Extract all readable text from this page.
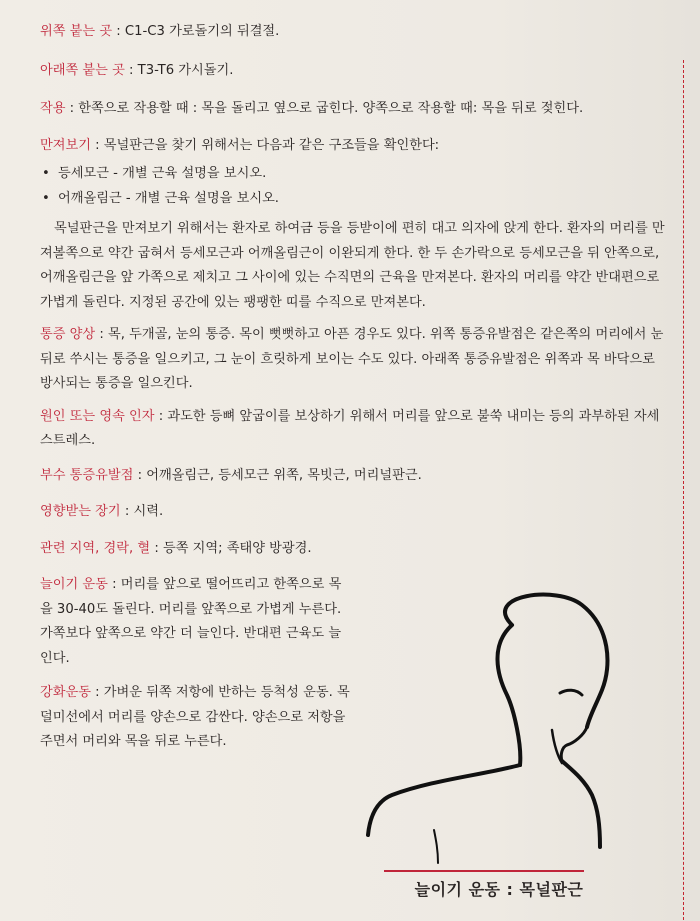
위쪽 붙는 곳 : C1-C3 가로돌기의 뒤결절.

아래쪽 붙는 곳 : T3-T6 가시돌기.

작용 : 한쪽으로 작용할 때 : 목을 돌리고 옆으로 굽힌다. 양쪽으로 작용할 때: 목을 뒤로 젖힌다.

만져보기 : 목널판근을 찾기 위해서는 다음과 같은 구조들을 확인한다:

• 등세모근 - 개별 근육 설명을 보시오.

• 어깨올림근 - 개별 근육 설명을 보시오.

목널판근을 만져보기 위해서는 환자로 하여금 등을 등받이에 편히 대고 의자에 앉게 한다. 환자의 머리를 만져볼쪽으로 약간 굽혀서 등세모근과 어깨올림근이 이완되게 한다. 한 두 손가락으로 등세모근을 뒤 안쪽으로, 어깨올림근을 앞 가쪽으로 제치고 그 사이에 있는 수직면의 근육을 만져본다. 환자의 머리를 약간 반대편으로 가볍게 돌린다. 지정된 공간에 있는 팽팽한 띠를 수직으로 만져본다.

통증 양상 : 목, 두개골, 눈의 통증. 목이 뻣뻣하고 아픈 경우도 있다. 위쪽 통증유발점은 같은쪽의 머리에서 눈 뒤로 쑤시는 통증을 일으키고, 그 눈이 흐릿하게 보이는 수도 있다. 아래쪽 통증유발점은 위쪽과 목 바닥으로 방사되는 통증을 일으킨다.

원인 또는 영속 인자 : 과도한 등뼈 앞굽이를 보상하기 위해서 머리를 앞으로 불쑥 내미는 등의 과부하된 자세 스트레스.

부수 통증유발점 : 어깨올림근, 등세모근 위쪽, 목빗근, 머리널판근.

영향받는 장기 : 시력.

관련 지역, 경락, 혈 : 등쪽 지역; 족태양 방광경.

늘이기 운동 : 머리를 앞으로 떨어뜨리고 한쪽으로 목을 30-40도 돌린다. 머리를 앞쪽으로 가볍게 누른다. 가쪽보다 앞쪽으로 약간 더 늘인다. 반대편 근육도 늘인다.

강화운동 : 가벼운 뒤쪽 저항에 반하는 등척성 운동. 목덜미선에서 머리를 양손으로 감싼다. 양손으로 저항을 주면서 머리와 목을 뒤로 누른다.

늘이기 운동 : 목널판근
